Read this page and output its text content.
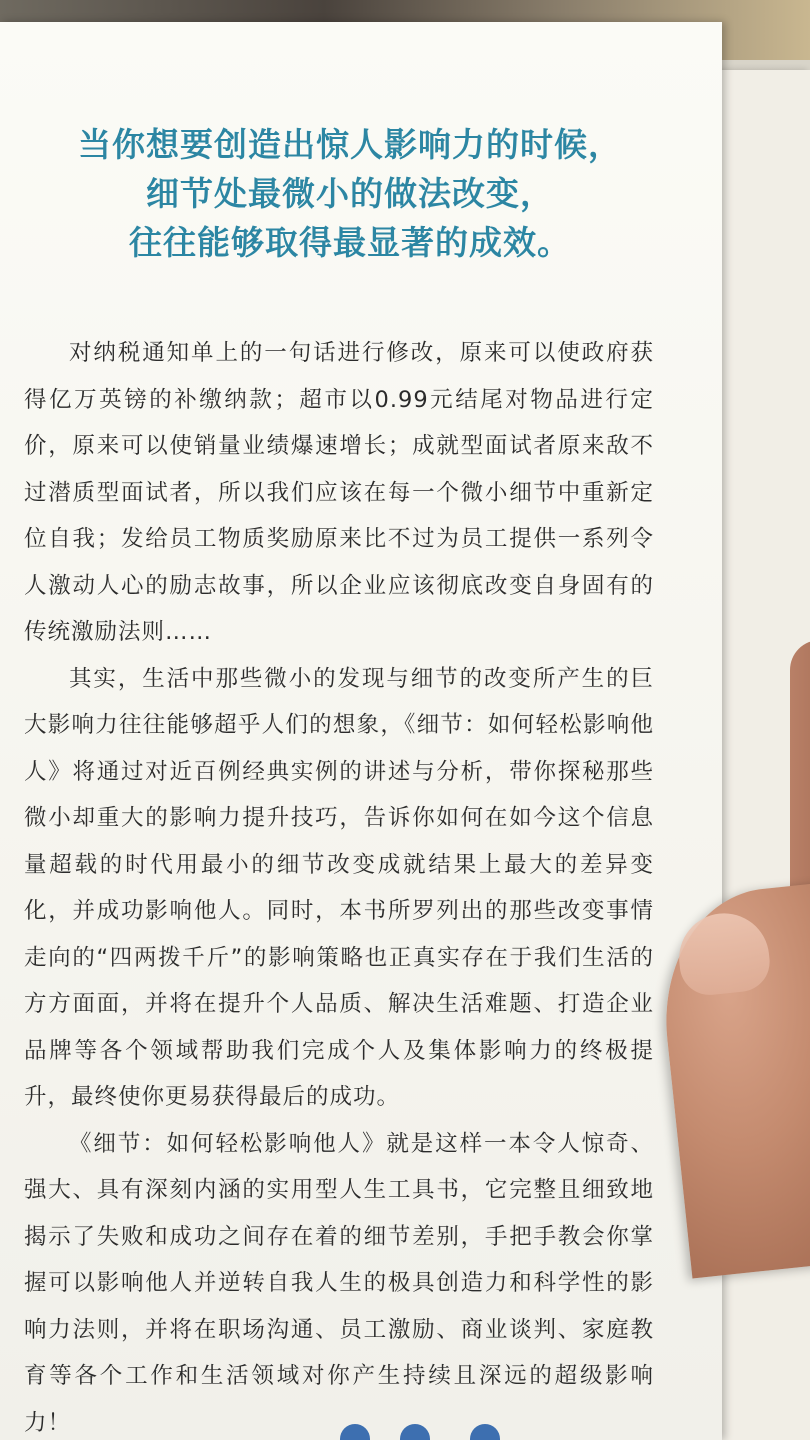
当你想要创造出惊人影响力的时候，
细节处最微小的做法改变，
往往能够取得最显著的成效。

对纳税通知单上的一句话进行修改，原来可以使政府获得亿万英镑的补缴纳款；超市以0.99元结尾对物品进行定价，原来可以使销量业绩爆速增长；成就型面试者原来敌不过潜质型面试者，所以我们应该在每一个微小细节中重新定位自我；发给员工物质奖励原来比不过为员工提供一系列令人激动人心的励志故事，所以企业应该彻底改变自身固有的传统激励法则……

其实，生活中那些微小的发现与细节的改变所产生的巨大影响力往往能够超乎人们的想象，《细节：如何轻松影响他人》将通过对近百例经典实例的讲述与分析，带你探秘那些微小却重大的影响力提升技巧，告诉你如何在如今这个信息量超载的时代用最小的细节改变成就结果上最大的差异变化，并成功影响他人。同时，本书所罗列出的那些改变事情走向的“四两拨千斤”的影响策略也正真实存在于我们生活的方方面面，并将在提升个人品质、解决生活难题、打造企业品牌等各个领域帮助我们完成个人及集体影响力的终极提升，最终使你更易获得最后的成功。

《细节：如何轻松影响他人》就是这样一本令人惊奇、强大、具有深刻内涵的实用型人生工具书，它完整且细致地揭示了失败和成功之间存在着的细节差别，手把手教会你掌握可以影响他人并逆转自我人生的极具创造力和科学性的影响力法则，并将在职场沟通、员工激励、商业谈判、家庭教育等各个工作和生活领域对你产生持续且深远的超级影响力！
